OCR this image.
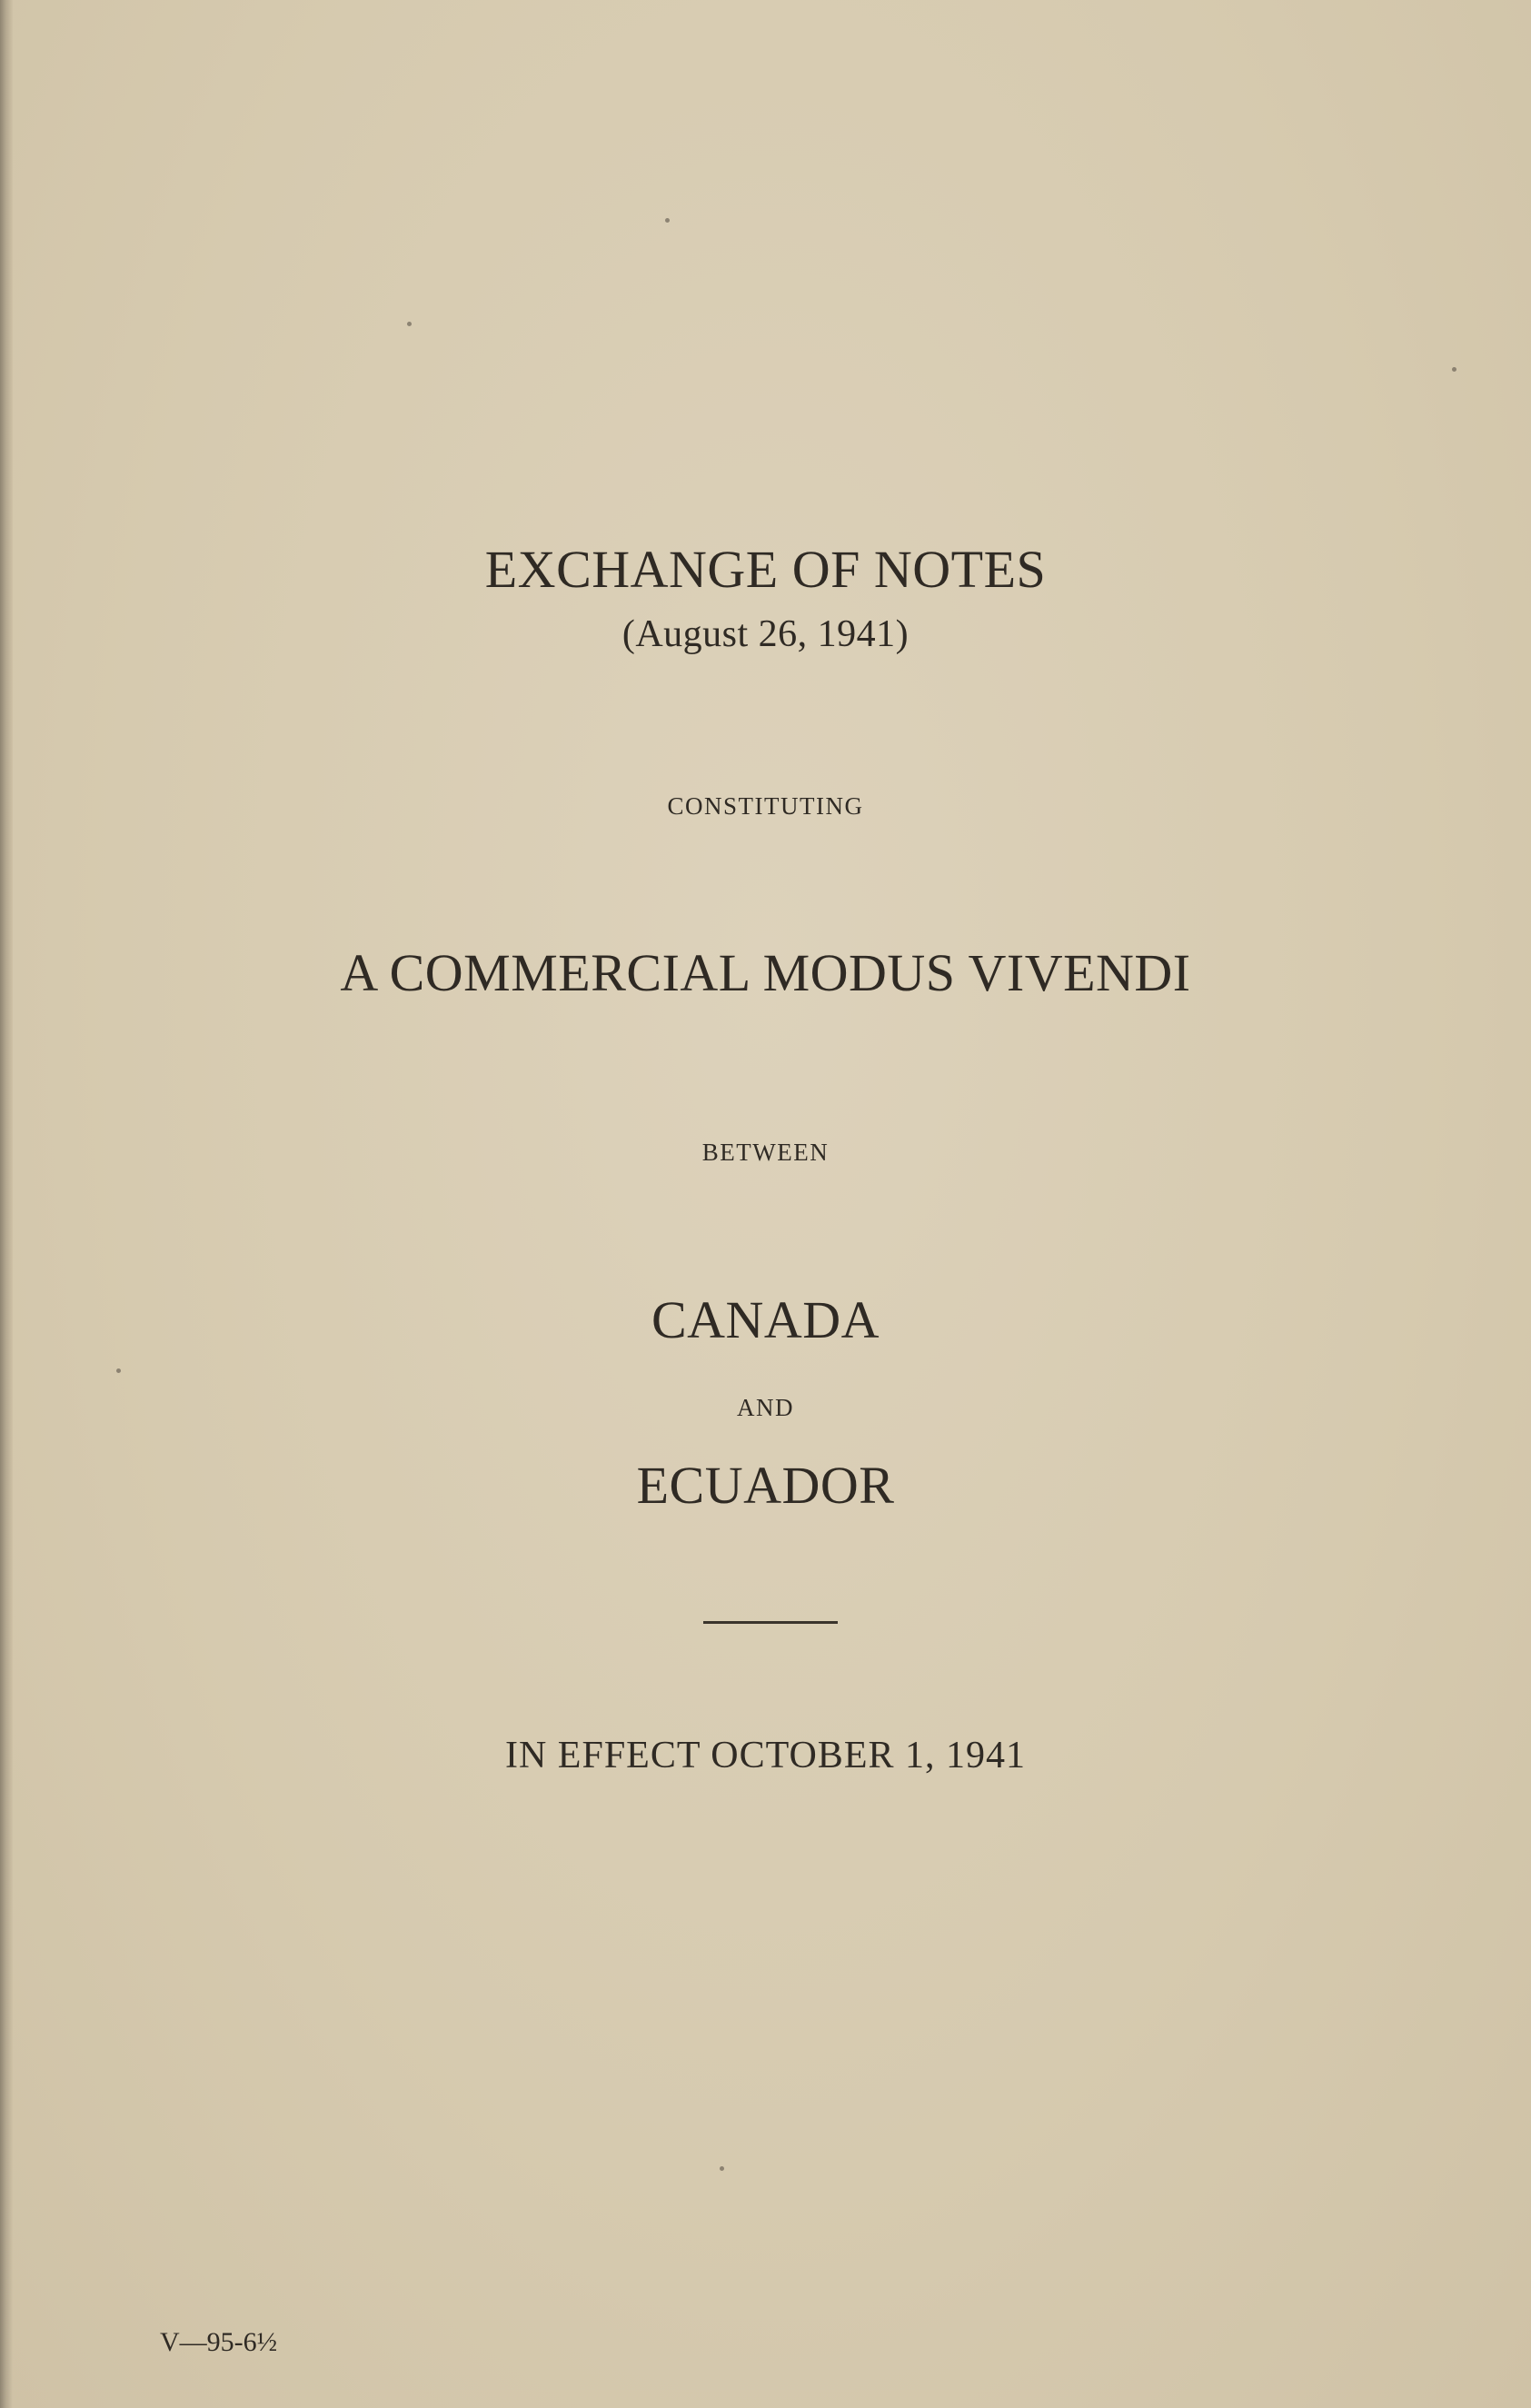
EXCHANGE OF NOTES
(August 26, 1941)
CONSTITUTING
A COMMERCIAL MODUS VIVENDI
BETWEEN
CANADA
AND
ECUADOR
IN EFFECT OCTOBER 1, 1941
V—95-6½
